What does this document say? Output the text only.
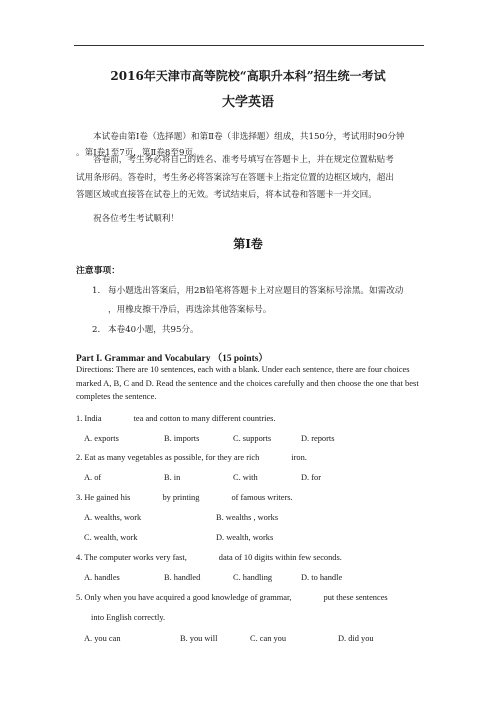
2016年天津市高等院校“高职升本科”招生统一考试
大学英语
本试卷由第Ⅰ卷（选择题）和第Ⅱ卷（非选择题）组成，共150分，考试用时90分钟
。第Ⅰ卷1至7页，第Ⅱ卷8至9页。
答卷前，考生务必将自己的姓名、准考号填写在答题卡上，并在规定位置粘贴考
试用条形码。答卷时，考生务必将答案涂写在答题卡上指定位置的边框区域内，超出
答题区域或直接答在试卷上的无效。考试结束后，将本试卷和答题卡一并交回。
祝各位考生考试顺利！
第Ⅰ卷
注意事项：
1. 每小题选出答案后，用2B铅笔将答题卡上对应题目的答案标号涂黑。如需改动
，用橡皮擦干净后，再选涂其他答案标号。
2. 本卷40小题，共95分。
Part I. Grammar and Vocabulary （15 points）
Directions: There are 10 sentences, each with a blank. Under each sentence, there are four choices marked A, B, C and D. Read the sentence and the choices carefully and then choose the one that best completes the sentence.
1. India	tea and cotton to many different countries.
A. exports	B. imports	C. supports	D. reports
2. Eat as many vegetables as possible, for they are rich	iron.
A. of	B. in	C. with	D. for
3. He gained his	by printing	of famous writers.
A. wealths, work	B. wealths , works
C. wealth, work	D. wealth, works
4. The computer works very fast,	data of 10 digits within few seconds.
A. handles	B. handled	C. handling	D. to handle
5. Only when you have acquired a good knowledge of grammar,	put these sentences
into English correctly.
A. you can	B. you will	C. can you	D. did you
